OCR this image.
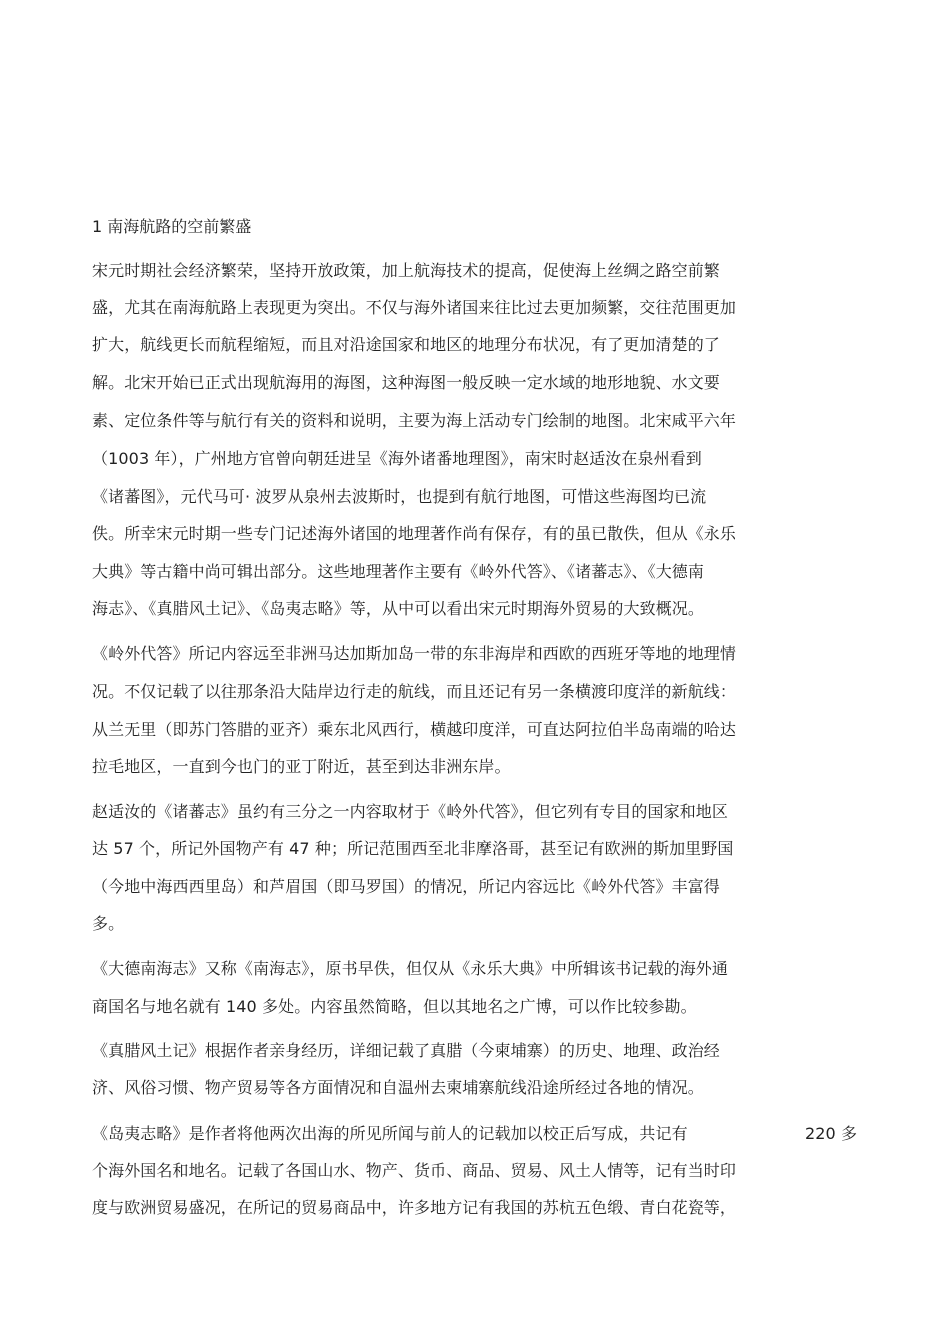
1 南海航路的空前繁盛
宋元时期社会经济繁荣，坚持开放政策，加上航海技术的提高，促使海上丝绸之路空前繁
盛，尤其在南海航路上表现更为突出。不仅与海外诸国来往比过去更加频繁，交往范围更加
扩大，航线更长而航程缩短，而且对沿途国家和地区的地理分布状况，有了更加清楚的了
解。北宋开始已正式出现航海用的海图，这种海图一般反映一定水域的地形地貌、水文要
素、定位条件等与航行有关的资料和说明，主要为海上活动专门绘制的地图。北宋咸平六年
（1003 年），广州地方官曾向朝廷进呈《海外诸番地理图》，南宋时赵适汝在泉州看到
《诸蕃图》，元代马可· 波罗从泉州去波斯时，也提到有航行地图，可惜这些海图均已流
佚。所幸宋元时期一些专门记述海外诸国的地理著作尚有保存，有的虽已散佚，但从《永乐
大典》等古籍中尚可辑出部分。这些地理著作主要有《岭外代答》、《诸蕃志》、《大德南
海志》、《真腊风土记》、《岛夷志略》等，从中可以看出宋元时期海外贸易的大致概况。
《岭外代答》所记内容远至非洲马达加斯加岛一带的东非海岸和西欧的西班牙等地的地理情
况。不仅记载了以往那条沿大陆岸边行走的航线，而且还记有另一条横渡印度洋的新航线：
从兰无里（即苏门答腊的亚齐）乘东北风西行，横越印度洋，可直达阿拉伯半岛南端的哈达
拉毛地区，一直到今也门的亚丁附近，甚至到达非洲东岸。
赵适汝的《诸蕃志》虽约有三分之一内容取材于《岭外代答》，但它列有专目的国家和地区
达 57 个，所记外国物产有 47 种；所记范围西至北非摩洛哥，甚至记有欧洲的斯加里野国
（今地中海西西里岛）和芦眉国（即马罗国）的情况，所记内容远比《岭外代答》丰富得
多。
《大德南海志》又称《南海志》，原书早佚，但仅从《永乐大典》中所辑该书记载的海外通
商国名与地名就有 140 多处。内容虽然简略，但以其地名之广博，可以作比较参勘。
《真腊风土记》根据作者亲身经历，详细记载了真腊（今柬埔寨）的历史、地理、政治经
济、风俗习惯、物产贸易等各方面情况和自温州去柬埔寨航线沿途所经过各地的情况。
《岛夷志略》是作者将他两次出海的所见所闻与前人的记载加以校正后写成，共记有	220 多
个海外国名和地名。记载了各国山水、物产、货币、商品、贸易、风土人情等，记有当时印
度与欧洲贸易盛况，在所记的贸易商品中，许多地方记有我国的苏杭五色缎、青白花瓷等，
